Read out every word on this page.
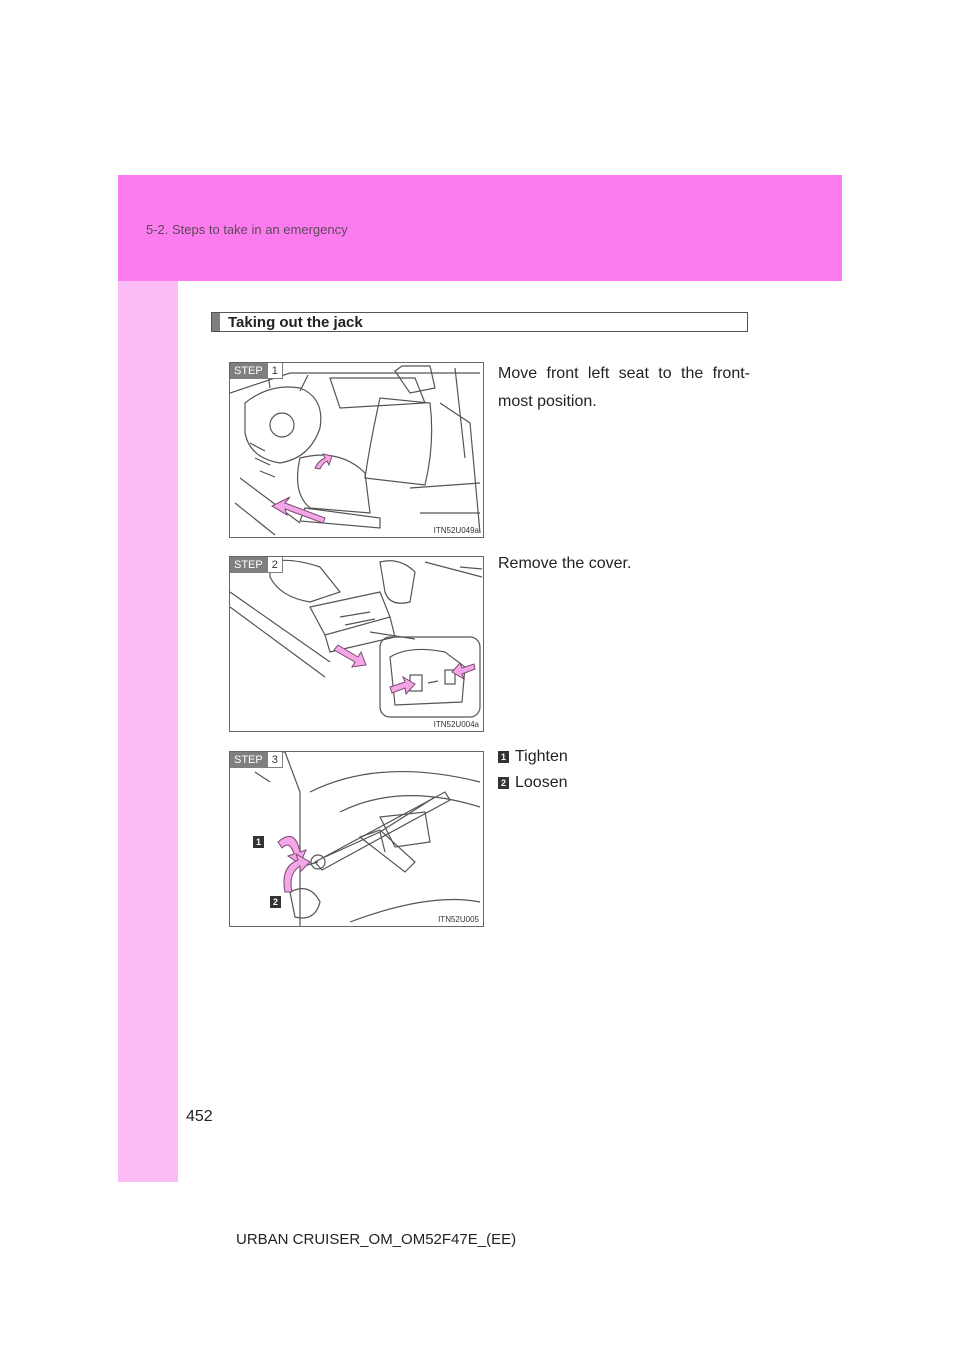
5-2. Steps to take in an emergency
Taking out the jack
STEP 1
ITN52U049a
Move front left seat to the front-most position.
STEP 2
ITN52U004a
Remove the cover.
STEP 3
1
2
ITN52U005
1 Tighten
2 Loosen
452
URBAN CRUISER_OM_OM52F47E_(EE)
